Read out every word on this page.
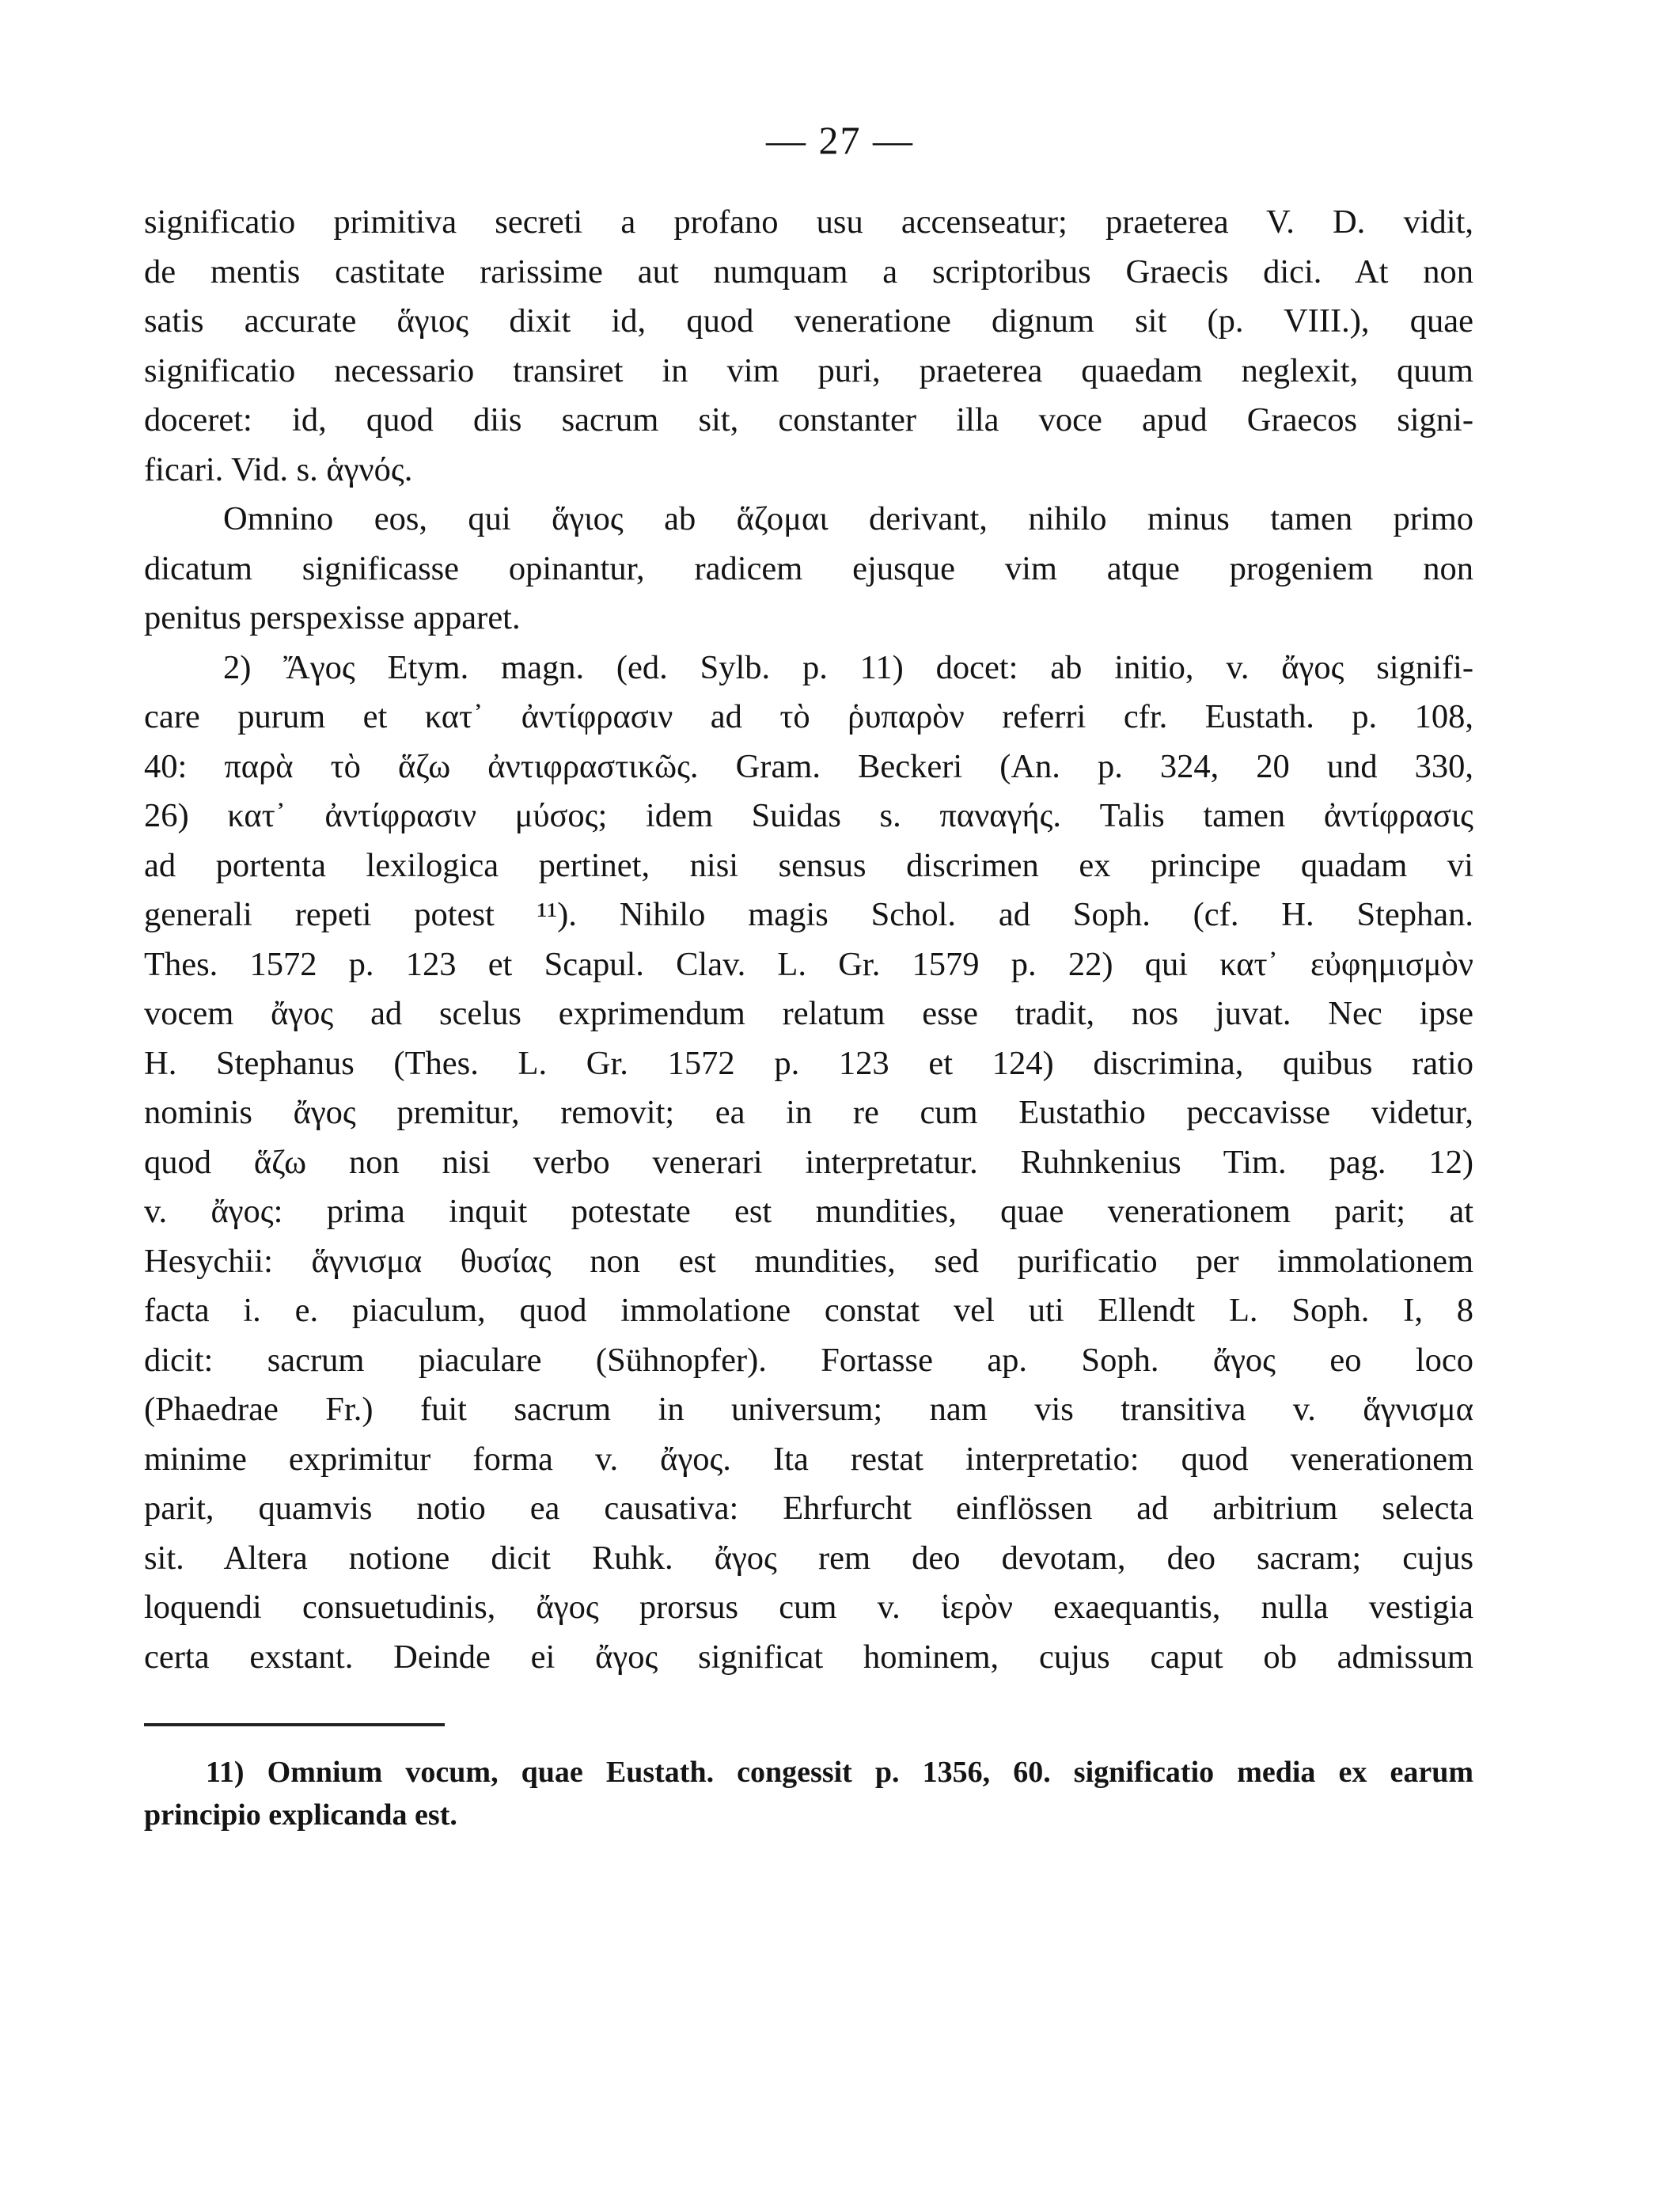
— 27 —
significatio primitiva secreti a profano usu accenseatur; praeterea V. D. vidit,
de mentis castitate rarissime aut numquam a scriptoribus Graecis dici. At non
satis accurate ἅγιος dixit id, quod veneratione dignum sit (p. VIII.), quae
significatio necessario transiret in vim puri, praeterea quaedam neglexit, quum
doceret: id, quod diis sacrum sit, constanter illa voce apud Graecos signi-
ficari. Vid. s. ἁγνός.
Omnino eos, qui ἅγιος ab ἅζομαι derivant, nihilo minus tamen primo
dicatum significasse opinantur, radicem ejusque vim atque progeniem non
penitus perspexisse apparet.
2) Ἄγος Etym. magn. (ed. Sylb. p. 11) docet: ab initio, v. ἄγος signifi-
care purum et κατ᾽ ἀντίφρασιν ad τὸ ῥυπαρὸν referri cfr. Eustath. p. 108,
40: παρὰ τὸ ἅζω ἀντιφραστικῶς. Gram. Beckeri (An. p. 324, 20 und 330,
26) κατ᾽ ἀντίφρασιν μύσος; idem Suidas s. παναγής. Talis tamen ἀντίφρασις
ad portenta lexilogica pertinet, nisi sensus discrimen ex principe quadam vi
generali repeti potest ¹¹). Nihilo magis Schol. ad Soph. (cf. H. Stephan.
Thes. 1572 p. 123 et Scapul. Clav. L. Gr. 1579 p. 22) qui κατ᾽ εὐφημισμὸν
vocem ἄγος ad scelus exprimendum relatum esse tradit, nos juvat. Nec ipse
H. Stephanus (Thes. L. Gr. 1572 p. 123 et 124) discrimina, quibus ratio
nominis ἄγος premitur, removit; ea in re cum Eustathio peccavisse videtur,
quod ἅζω non nisi verbo venerari interpretatur. Ruhnkenius Tim. pag. 12)
v. ἄγος: prima inquit potestate est mundities, quae venerationem parit; at
Hesychii: ἅγνισμα θυσίας non est mundities, sed purificatio per immolationem
facta i. e. piaculum, quod immolatione constat vel uti Ellendt L. Soph. I, 8
dicit: sacrum piaculare (Sühnopfer). Fortasse ap. Soph. ἄγος eo loco
(Phaedrae Fr.) fuit sacrum in universum; nam vis transitiva v. ἅγνισμα
minime exprimitur forma v. ἄγος. Ita restat interpretatio: quod venerationem
parit, quamvis notio ea causativa: Ehrfurcht einflössen ad arbitrium selecta
sit. Altera notione dicit Ruhk. ἄγος rem deo devotam, deo sacram; cujus
loquendi consuetudinis, ἄγος prorsus cum v. ἱερὸν exaequantis, nulla vestigia
certa exstant. Deinde ei ἄγος significat hominem, cujus caput ob admissum
11) Omnium vocum, quae Eustath. congessit p. 1356, 60. significatio media ex earum
principio explicanda est.
